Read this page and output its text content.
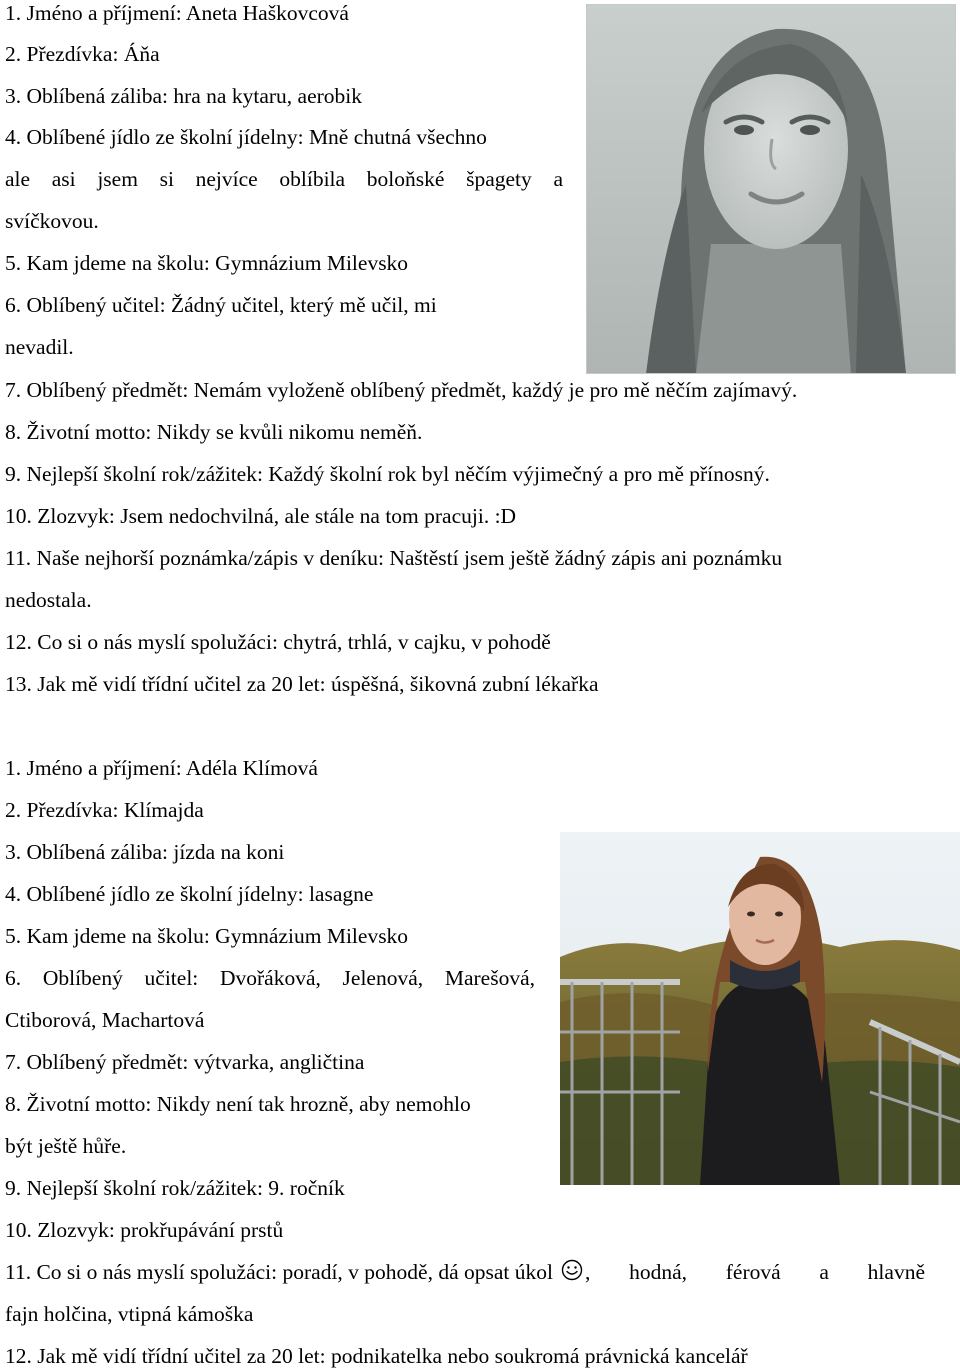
1. Jméno a příjmení: Aneta Haškovcová
2. Přezdívka: Áňa
3. Oblíbená záliba: hra na kytaru, aerobik
4. Oblíbené jídlo ze školní jídelny: Mně chutná všechno
ale asi jsem si nejvíce oblíbila boloňské špagety a
svíčkovou.
5. Kam jdeme na školu: Gymnázium Milevsko
6. Oblíbený učitel: Žádný učitel, který mě učil, mi
nevadil.
7. Oblíbený předmět: Nemám vyloženě oblíbený předmět, každý je pro mě něčím zajímavý.
8. Životní motto: Nikdy se kvůli nikomu neměň.
9. Nejlepší školní rok/zážitek: Každý školní rok byl něčím výjimečný a pro mě přínosný.
10. Zlozvyk: Jsem nedochvilná, ale stále na tom pracuji. :D
11. Naše nejhorší poznámka/zápis v deníku: Naštěstí jsem ještě žádný zápis ani poznámku
nedostala.
12. Co si o nás myslí spolužáci: chytrá, trhlá, v cajku, v pohodě
13. Jak mě vidí třídní učitel za 20 let: úspěšná, šikovná zubní lékařka
1. Jméno a příjmení: Adéla Klímová
2. Přezdívka: Klímajda
3. Oblíbená záliba: jízda na koni
4. Oblíbené jídlo ze školní jídelny: lasagne
5. Kam jdeme na školu: Gymnázium Milevsko
6. Oblíbený učitel: Dvořáková, Jelenová, Marešová,
Ctiborová, Machartová
7. Oblíbený předmět: výtvarka, angličtina
8. Životní motto: Nikdy není tak hrozně, aby nemohlo
být ještě hůře.
9. Nejlepší školní rok/zážitek: 9. ročník
10. Zlozvyk: prokřupávání prstů
11. Co si o nás myslí spolužáci: poradí, v pohodě, dá opsat úkol , hodná, férová a hlavně
fajn holčina, vtipná kámoška
12. Jak mě vidí třídní učitel za 20 let: podnikatelka nebo soukromá právnická kancelář
